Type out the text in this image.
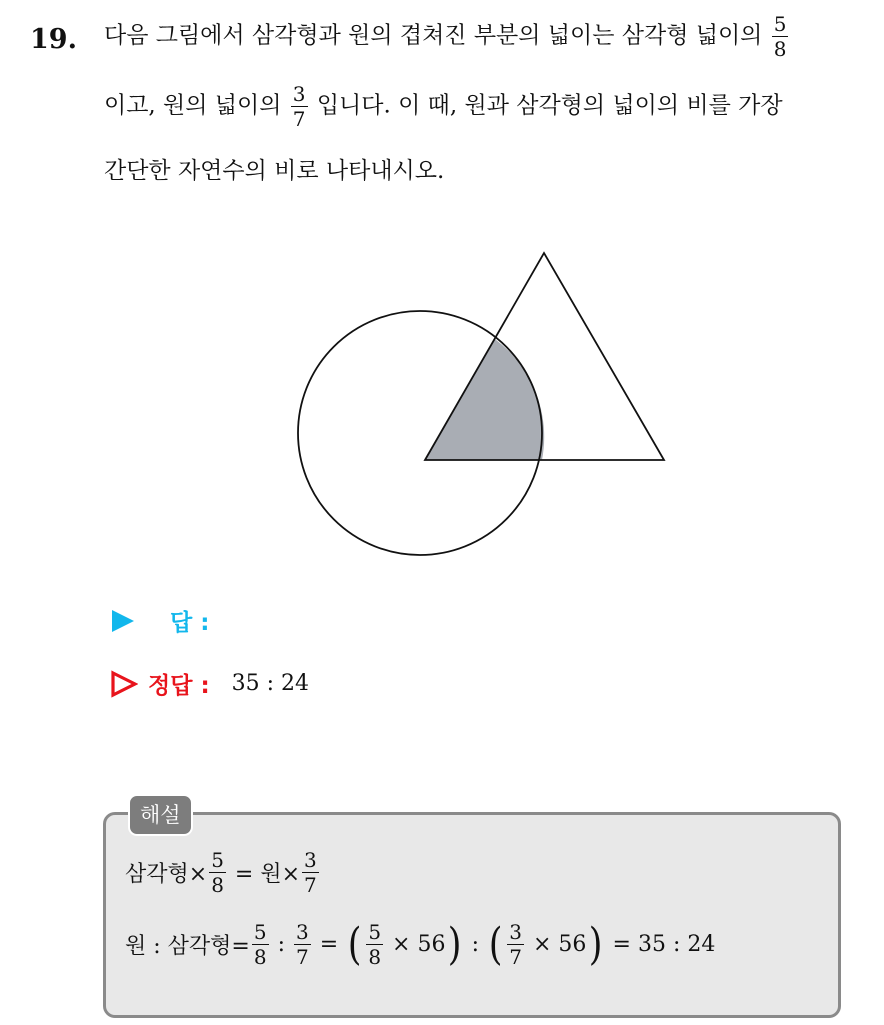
19. 다음 그림에서 삼각형과 원의 겹쳐진 부분의 넓이는 삼각형 넓이의 $\frac{5}{8}$
이고, 원의 넓이의 $\frac{3}{7}$ 입니다. 이 때, 원과 삼각형의 넓이의 비를 가장
간단한 자연수의 비로 나타내시오.
답 :
정답 : 35 : 24
해설
삼각형× $\frac{5}{8}$ = 원× $\frac{3}{7}$
원 : 삼각형= $\frac{5}{8}$ : $\frac{3}{7}$ = ( $\frac{5}{8} \times 56$ ) : ( $\frac{3}{7} \times 56$ ) = 35 : 24
